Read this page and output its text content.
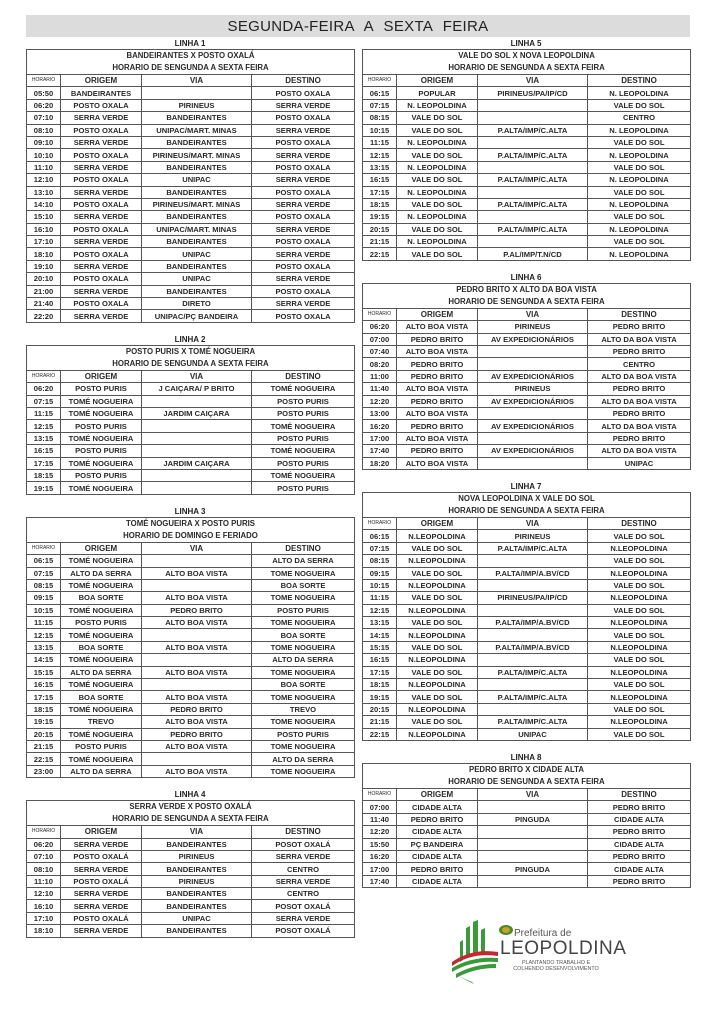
SEGUNDA-FEIRA A SEXTA FEIRA
LINHA 1
BANDEIRANTES X POSTO OXALÁ			
HORARIO DE SENGUNDA A SEXTA FEIRA			
HORARIO	ORIGEM	VIA	DESTINO
05:50	BANDEIRANTES		POSTO OXALA
06:20	POSTO OXALA	PIRINEUS	SERRA VERDE
07:10	SERRA VERDE	BANDEIRANTES	POSTO OXALA
08:10	POSTO OXALA	UNIPAC/MART. MINAS	SERRA VERDE
09:10	SERRA VERDE	BANDEIRANTES	POSTO OXALA
10:10	POSTO OXALA	PIRINEUS/MART. MINAS	SERRA VERDE
11:10	SERRA VERDE	BANDEIRANTES	POSTO OXALA
12:10	POSTO OXALA	UNIPAC	SERRA VERDE
13:10	SERRA VERDE	BANDEIRANTES	POSTO OXALA
14:10	POSTO OXALA	PIRINEUS/MART. MINAS	SERRA VERDE
15:10	SERRA VERDE	BANDEIRANTES	POSTO OXALA
16:10	POSTO OXALA	UNIPAC/MART. MINAS	SERRA VERDE
17:10	SERRA VERDE	BANDEIRANTES	POSTO OXALA
18:10	POSTO OXALA	UNIPAC	SERRA VERDE
19:10	SERRA VERDE	BANDEIRANTES	POSTO OXALA
20:10	POSTO OXALA	UNIPAC	SERRA VERDE
21:00	SERRA VERDE	BANDEIRANTES	POSTO OXALA
21:40	POSTO OXALA	DIRETO	SERRA VERDE
22:20	SERRA VERDE	UNIPAC/PÇ BANDEIRA	POSTO OXALA
LINHA 2
POSTO PURIS X TOMÉ NOGUEIRA			
HORARIO DE SENGUNDA A SEXTA FEIRA			
HORARIO	ORIGEM	VIA	DESTINO
06:20	POSTO PURIS	J CAIÇARA/ P BRITO	TOMÉ NOGUEIRA
07:15	TOMÉ NOGUEIRA		POSTO PURIS
11:15	TOMÉ NOGUEIRA	JARDIM CAIÇARA	POSTO PURIS
12:15	POSTO PURIS		TOMÉ NOGUEIRA
13:15	TOMÉ NOGUEIRA		POSTO PURIS
16:15	POSTO PURIS		TOMÉ NOGUEIRA
17:15	TOMÉ NOGUEIRA	JARDIM CAIÇARA	POSTO PURIS
18:15	POSTO PURIS		TOMÉ NOGUEIRA
19:15	TOMÉ NOGUEIRA		POSTO PURIS
LINHA 3
TOMÉ NOGUEIRA X POSTO PURIS			
HORARIO DE DOMINGO E FERIADO			
HORARIO	ORIGEM	VIA	DESTINO
06:15	TOMÉ NOGUEIRA		ALTO DA SERRA
07:15	ALTO DA SERRA	ALTO BOA VISTA	TOME NOGUEIRA
08:15	TOMÉ NOGUEIRA		BOA SORTE
09:15	BOA SORTE	ALTO BOA VISTA	TOME NOGUEIRA
10:15	TOMÉ NOGUEIRA	PEDRO BRITO	POSTO PURIS
11:15	POSTO PURIS	ALTO BOA VISTA	TOME NOGUEIRA
12:15	TOMÉ NOGUEIRA		BOA SORTE
13:15	BOA SORTE	ALTO BOA VISTA	TOME NOGUEIRA
14:15	TOMÉ NOGUEIRA		ALTO DA SERRA
15:15	ALTO DA SERRA	ALTO BOA VISTA	TOME NOGUEIRA
16:15	TOMÉ NOGUEIRA		BOA SORTE
17:15	BOA SORTE	ALTO BOA VISTA	TOME NOGUEIRA
18:15	TOMÉ NOGUEIRA	PEDRO BRITO	TREVO
19:15	TREVO	ALTO BOA VISTA	TOME NOGUEIRA
20:15	TOMÉ NOGUEIRA	PEDRO BRITO	POSTO PURIS
21:15	POSTO PURIS	ALTO BOA VISTA	TOME NOGUEIRA
22:15	TOMÉ NOGUEIRA		ALTO DA SERRA
23:00	ALTO DA SERRA	ALTO BOA VISTA	TOME NOGUEIRA
LINHA 4
SERRA VERDE X POSTO OXALÁ			
HORARIO DE SENGUNDA A SEXTA FEIRA			
HORARIO	ORIGEM	VIA	DESTINO
06:20	SERRA VERDE	BANDEIRANTES	POSOT OXALÁ
07:10	POSTO OXALÁ	PIRINEUS	SERRA VERDE
08:10	SERRA VERDE	BANDEIRANTES	CENTRO
11:10	POSTO OXALÁ	PIRINEUS	SERRA VERDE
12:10	SERRA VERDE	BANDEIRANTES	CENTRO
16:10	SERRA VERDE	BANDEIRANTES	POSOT OXALÁ
17:10	POSTO OXALÁ	UNIPAC	SERRA VERDE
18:10	SERRA VERDE	BANDEIRANTES	POSOT OXALÁ
LINHA 5
VALE DO SOL X NOVA LEOPOLDINA			
HORARIO DE SENGUNDA A SEXTA FEIRA			
HORARIO	ORIGEM	VIA	DESTINO
06:15	POPULAR	PIRINEUS/PA/IP/CD	N. LEOPOLDINA
07:15	N. LEOPOLDINA		VALE DO SOL
08:15	VALE DO SOL		CENTRO
10:15	VALE DO SOL	P.ALTA/IMP/C.ALTA	N. LEOPOLDINA
11:15	N. LEOPOLDINA		VALE DO SOL
12:15	VALE DO SOL	P.ALTA/IMP/C.ALTA	N. LEOPOLDINA
13:15	N. LEOPOLDINA		VALE DO SOL
16:15	VALE DO SOL	P.ALTA/IMP/C.ALTA	N. LEOPOLDINA
17:15	N. LEOPOLDINA		VALE DO SOL
18:15	VALE DO SOL	P.ALTA/IMP/C.ALTA	N. LEOPOLDINA
19:15	N. LEOPOLDINA		VALE DO SOL
20:15	VALE DO SOL	P.ALTA/IMP/C.ALTA	N. LEOPOLDINA
21:15	N. LEOPOLDINA		VALE DO SOL
22:15	VALE DO SOL	P.AL/IMP/T.N/CD	N. LEOPOLDINA
LINHA 6
PEDRO BRITO X ALTO DA BOA VISTA			
HORARIO DE SENGUNDA A SEXTA FEIRA			
HORARIO	ORIGEM	VIA	DESTINO
06:20	ALTO BOA VISTA	PIRINEUS	PEDRO BRITO
07:00	PEDRO BRITO	AV EXPEDICIONÁRIOS	ALTO DA BOA VISTA
07:40	ALTO BOA VISTA		PEDRO BRITO
08:20	PEDRO BRITO		CENTRO
11:00	PEDRO BRITO	AV EXPEDICIONÁRIOS	ALTO DA BOA VISTA
11:40	ALTO BOA VISTA	PIRINEUS	PEDRO BRITO
12:20	PEDRO BRITO	AV EXPEDICIONÁRIOS	ALTO DA BOA VISTA
13:00	ALTO BOA VISTA		PEDRO BRITO
16:20	PEDRO BRITO	AV EXPEDICIONÁRIOS	ALTO DA BOA VISTA
17:00	ALTO BOA VISTA		PEDRO BRITO
17:40	PEDRO BRITO	AV EXPEDICIONÁRIOS	ALTO DA BOA VISTA
18:20	ALTO BOA VISTA		UNIPAC
LINHA 7
NOVA LEOPOLDINA X VALE DO SOL			
HORARIO DE SENGUNDA A SEXTA FEIRA			
HORARIO	ORIGEM	VIA	DESTINO
06:15	N.LEOPOLDINA	PIRINEUS	VALE DO SOL
07:15	VALE DO SOL	P.ALTA/IMP/C.ALTA	N.LEOPOLDINA
08:15	N.LEOPOLDINA		VALE DO SOL
09:15	VALE DO SOL	P.ALTA/IMP/A.BV/CD	N.LEOPOLDINA
10:15	N.LEOPOLDINA		VALE DO SOL
11:15	VALE DO SOL	PIRINEUS/PA/IP/CD	N.LEOPOLDINA
12:15	N.LEOPOLDINA		VALE DO SOL
13:15	VALE DO SOL	P.ALTA/IMP/A.BV/CD	N.LEOPOLDINA
14:15	N.LEOPOLDINA		VALE DO SOL
15:15	VALE DO SOL	P.ALTA/IMP/A.BV/CD	N.LEOPOLDINA
16:15	N.LEOPOLDINA		VALE DO SOL
17:15	VALE DO SOL	P.ALTA/IMP/C.ALTA	N.LEOPOLDINA
18:15	N.LEOPOLDINA		VALE DO SOL
19:15	VALE DO SOL	P.ALTA/IMP/C.ALTA	N.LEOPOLDINA
20:15	N.LEOPOLDINA		VALE DO SOL
21:15	VALE DO SOL	P.ALTA/IMP/C.ALTA	N.LEOPOLDINA
22:15	N.LEOPOLDINA	UNIPAC	VALE DO SOL
LINHA 8
PEDRO BRITO X CIDADE ALTA			
HORARIO DE SENGUNDA A SEXTA FEIRA			
HORARIO	ORIGEM	VIA	DESTINO
07:00	CIDADE ALTA		PEDRO BRITO
11:40	PEDRO BRITO	PINGUDA	CIDADE ALTA
12:20	CIDADE ALTA		PEDRO BRITO
15:50	PÇ BANDEIRA		CIDADE ALTA
16:20	CIDADE ALTA		PEDRO BRITO
17:00	PEDRO BRITO	PINGUDA	CIDADE ALTA
17:40	CIDADE ALTA		PEDRO BRITO
Prefeitura de
LEOPOLDINA
PLANTANDO TRABALHO E
COLHENDO DESENVOLVIMENTO
